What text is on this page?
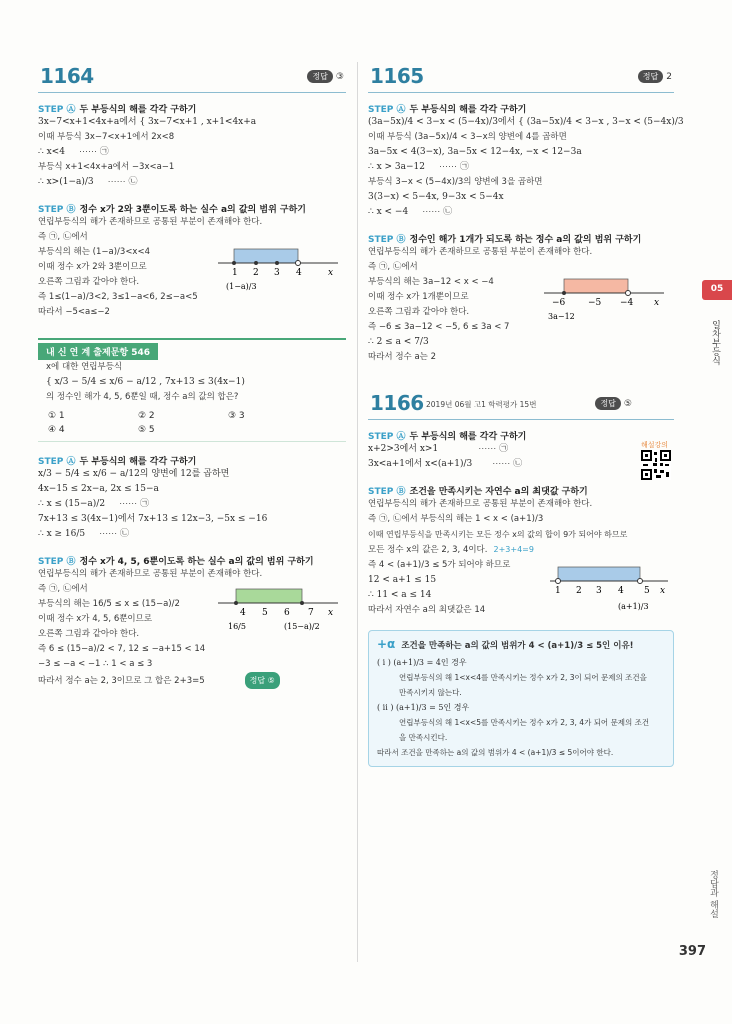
05
일차부등식
정답과 해설
397
1164	정답 ③
STEP Ⓐ 두 부등식의 해를 각각 구하기
3x−7<x+1<4x+a에서 { 3x−7<x+1 , x+1<4x+a
이때 부등식 3x−7<x+1에서 2x<8
∴ x<4 ⋯⋯ ㉠
부등식 x+1<4x+a에서 −3x<a−1
∴ x>(1−a)/3 ⋯⋯ ㉡
STEP Ⓑ 정수 x가 2와 3뿐이도록 하는 실수 a의 값의 범위 구하기
연립부등식의 해가 존재하므로 공통된 부분이 존재해야 한다.
즉 ㉠, ㉡에서
부등식의 해는 (1−a)/3<x<4
이때 정수 x가 2와 3뿐이므로
오른쪽 그림과 같아야 한다.
즉 1≤(1−a)/3<2, 3≤1−a<6, 2≤−a<5
따라서 −5<a≤−2
1 2 3 4	x
(1−a)/3
내 신 연 계 출제문항 546
x에 대한 연립부등식
{ x/3 − 5/4 ≤ x/6 − a/12 , 7x+13 ≤ 3(4x−1)
의 정수인 해가 4, 5, 6뿐일 때, 정수 a의 값의 합은?
① 1	② 2	③ 3
④ 4	⑤ 5
STEP Ⓐ 두 부등식의 해를 각각 구하기
x/3 − 5/4 ≤ x/6 − a/12의 양변에 12를 곱하면
4x−15 ≤ 2x−a, 2x ≤ 15−a
∴ x ≤ (15−a)/2 ⋯⋯ ㉠
7x+13 ≤ 3(4x−1)에서 7x+13 ≤ 12x−3, −5x ≤ −16
∴ x ≥ 16/5 ⋯⋯ ㉡
STEP Ⓑ 정수 x가 4, 5, 6뿐이도록 하는 실수 a의 값의 범위 구하기
연립부등식의 해가 존재하므로 공통된 부분이 존재해야 한다.
즉 ㉠, ㉡에서
부등식의 해는 16/5 ≤ x ≤ (15−a)/2
이때 정수 x가 4, 5, 6뿐이므로
오른쪽 그림과 같아야 한다.
즉 6 ≤ (15−a)/2 < 7, 12 ≤ −a+15 < 14
−3 ≤ −a < −1 ∴ 1 < a ≤ 3
따라서 정수 a는 2, 3이므로 그 합은 2+3=5	정답 ⑤
4 5 6 7 x
16/5	(15−a)/2
1165	정답 2
STEP Ⓐ 두 부등식의 해를 각각 구하기
(3a−5x)/4 < 3−x < (5−4x)/3에서 { (3a−5x)/4 < 3−x , 3−x < (5−4x)/3
이때 부등식 (3a−5x)/4 < 3−x의 양변에 4를 곱하면
3a−5x < 4(3−x), 3a−5x < 12−4x, −x < 12−3a
∴ x > 3a−12 ⋯⋯ ㉠
부등식 3−x < (5−4x)/3의 양변에 3을 곱하면
3(3−x) < 5−4x, 9−3x < 5−4x
∴ x < −4 ⋯⋯ ㉡
STEP Ⓑ 정수인 해가 1개가 되도록 하는 정수 a의 값의 범위 구하기
연립부등식의 해가 존재하므로 공통된 부분이 존재해야 한다.
즉 ㉠, ㉡에서
부등식의 해는 3a−12 < x < −4
이때 정수 x가 1개뿐이므로
오른쪽 그림과 같아야 한다.
즉 −6 ≤ 3a−12 < −5, 6 ≤ 3a < 7
∴ 2 ≤ a < 7/3
따라서 정수 a는 2
−6	−5 −4 x
3a−12
1166 2019년 06월 고1 학력평가 15번	정답 ⑤
STEP Ⓐ 두 부등식의 해를 각각 구하기
x+2>3에서 x>1	⋯⋯ ㉠
3x<a+1에서 x<(a+1)/3 ⋯⋯ ㉡
STEP Ⓑ 조건을 만족시키는 자연수 a의 최댓값 구하기
연립부등식의 해가 존재하므로 공통된 부분이 존재해야 한다.
즉 ㉠, ㉡에서 부등식의 해는 1 < x < (a+1)/3
이때 연립부등식을 만족시키는 모든 정수 x의 값의 합이 9가 되어야 하므로
모든 정수 x의 값은 2, 3, 4이다. 2+3+4=9
즉 4 < (a+1)/3 ≤ 5가 되어야 하므로
12 < a+1 ≤ 15
∴ 11 < a ≤ 14
따라서 자연수 a의 최댓값은 14
1 2 3 4 5 x
(a+1)/3
+α 조건을 만족하는 a의 값의 범위가 4 < (a+1)/3 ≤ 5인 이유!
( i ) (a+1)/3 = 4인 경우
연립부등식의 해 1<x<4를 만족시키는 정수 x가 2, 3이 되어 문제의 조건을
만족시키지 않는다.
( ii ) (a+1)/3 = 5인 경우
연립부등식의 해 1<x<5를 만족시키는 정수 x가 2, 3, 4가 되어 문제의 조건
을 만족시킨다.
따라서 조건을 만족하는 a의 값의 범위가 4 < (a+1)/3 ≤ 5이어야 한다.
해설강의
